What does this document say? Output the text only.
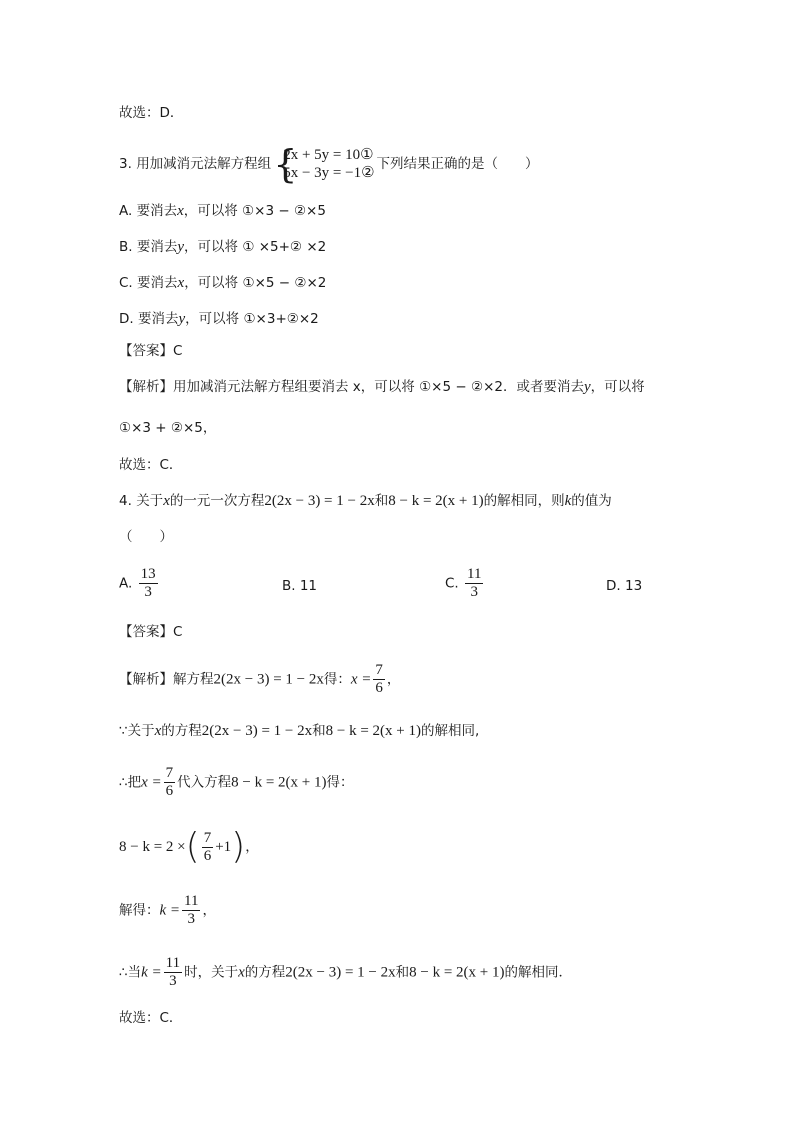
故选：D．
3. 用加减消元法解方程组 {
2x + 5y = 10①
5x − 3y = −1②
下列结果正确的是（　　）
A. 要消去x，可以将 ①×3 − ②×5
B. 要消去y，可以将 ① ×5+② ×2
C. 要消去x，可以将 ①×5 − ②×2
D. 要消去y，可以将 ①×3+②×2
【答案】C
【解析】用加减消元法解方程组要消去 x，可以将 ①×5 − ②×2．或者要消去y，可以将
①×3 + ②×5，
故选：C．
4. 关于x的一元一次方程2(2x − 3) = 1 − 2x和8 − k = 2(x + 1)的解相同，则k的值为
（　　）
A. $\frac{13}{3}$	B. 11	C. $\frac{11}{3}$	D. 13
【答案】C
【解析】解方程2(2x − 3) = 1 − 2x得：$x = \frac{7}{6}$ ，
∵关于x的方程2(2x − 3) = 1 − 2x和8 − k = 2(x + 1)的解相同,
∴把$x = \frac{7}{6}$ 代入方程8 − k = 2(x + 1)得：
8 − k = 2 ×( $\frac{7}{6} +1$)，
解得：$k = \frac{11}{3}$ ，
∴当$k = \frac{11}{3}$ 时，关于x的方程2(2x − 3) = 1 − 2x和8 − k = 2(x + 1)的解相同．
故选：C．
